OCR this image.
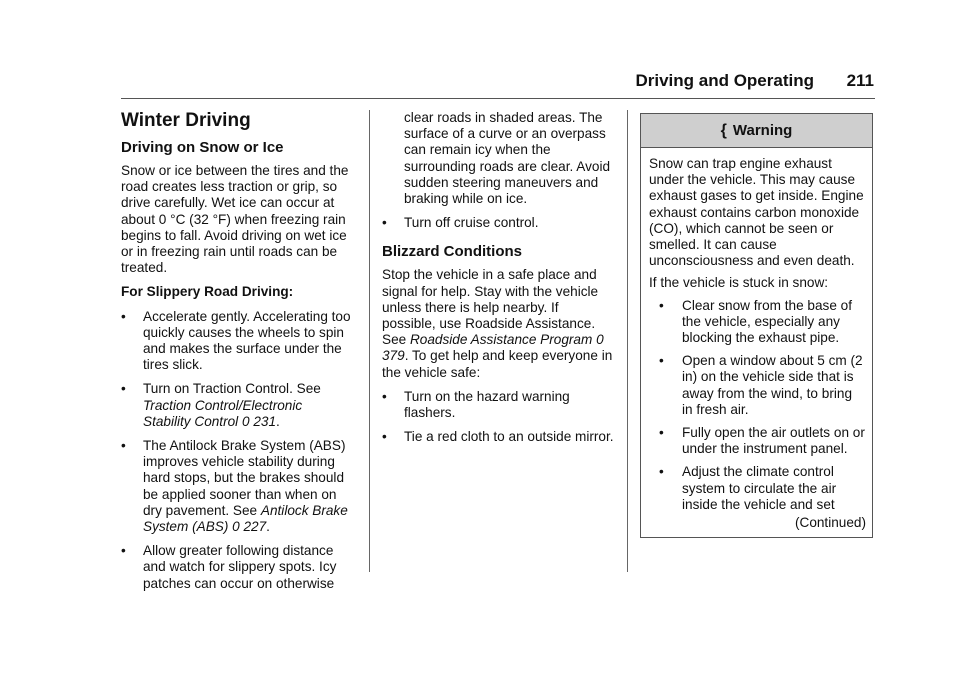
Driving and Operating 211
Winter Driving
Driving on Snow or Ice

Snow or ice between the tires and the road creates less traction or grip, so drive carefully. Wet ice can occur at about 0 °C (32 °F) when freezing rain begins to fall. Avoid driving on wet ice or in freezing rain until roads can be treated.

For Slippery Road Driving:

• Accelerate gently. Accelerating too quickly causes the wheels to spin and makes the surface under the tires slick.
• Turn on Traction Control. See
Traction Control/Electronic Stability Control 0 231.
• The Antilock Brake System (ABS) improves vehicle stability during hard stops, but the brakes should be applied sooner than when on dry pavement. See Antilock Brake System (ABS) 0 227.
• Allow greater following distance and watch for slippery spots. Icy patches can occur on otherwise

clear roads in shaded areas. The surface of a curve or an overpass can remain icy when the surrounding roads are clear. Avoid sudden steering maneuvers and braking while on ice.

• Turn off cruise control.
Blizzard Conditions

Stop the vehicle in a safe place and signal for help. Stay with the vehicle unless there is help nearby. If possible, use Roadside Assistance. See Roadside Assistance Program 0 379. To get help and keep everyone in the vehicle safe:

• Turn on the hazard warning flashers.
• Tie a red cloth to an outside mirror.
{ Warning

Snow can trap engine exhaust under the vehicle. This may cause exhaust gases to get inside. Engine exhaust contains carbon monoxide (CO), which cannot be seen or smelled. It can cause unconsciousness and even death.

If the vehicle is stuck in snow:

• Clear snow from the base of the vehicle, especially any blocking the exhaust pipe.
• Open a window about 5 cm (2 in) on the vehicle side that is away from the wind, to bring in fresh air.
• Fully open the air outlets on or under the instrument panel.
• Adjust the climate control system to circulate the air inside the vehicle and set
(Continued)
